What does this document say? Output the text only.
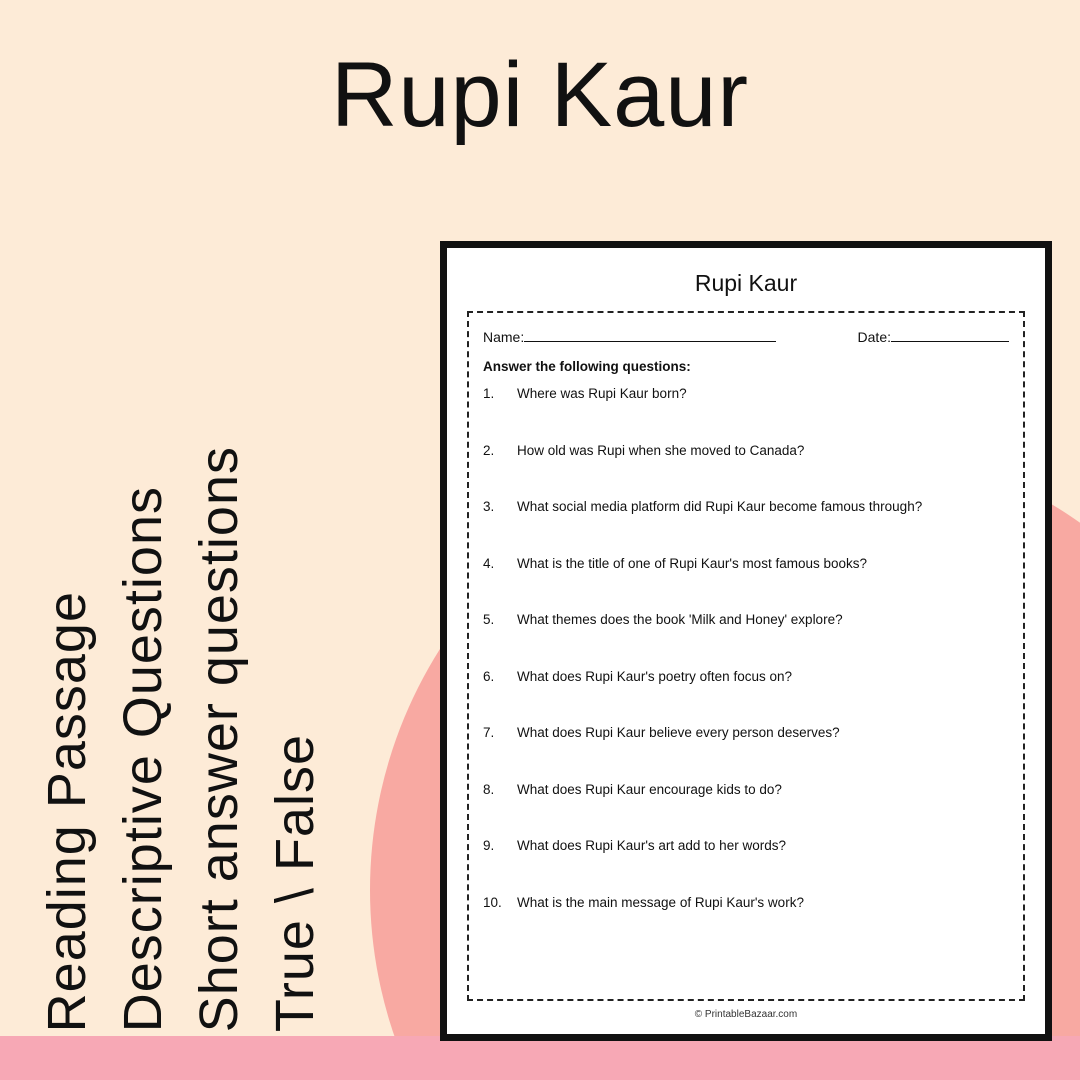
Rupi Kaur
Reading Passage Descriptive Questions Short answer questions True \ False
Rupi Kaur
Name:	Date:
Answer the following questions:
1.	Where was Rupi Kaur born?
2.	How old was Rupi when she moved to Canada?
3.	What social media platform did Rupi Kaur become famous through?
4.	What is the title of one of Rupi Kaur's most famous books?
5.	What themes does the book 'Milk and Honey' explore?
6.	What does Rupi Kaur's poetry often focus on?
7.	What does Rupi Kaur believe every person deserves?
8.	What does Rupi Kaur encourage kids to do?
9.	What does Rupi Kaur's art add to her words?
10.	What is the main message of Rupi Kaur's work?
© PrintableBazaar.com
